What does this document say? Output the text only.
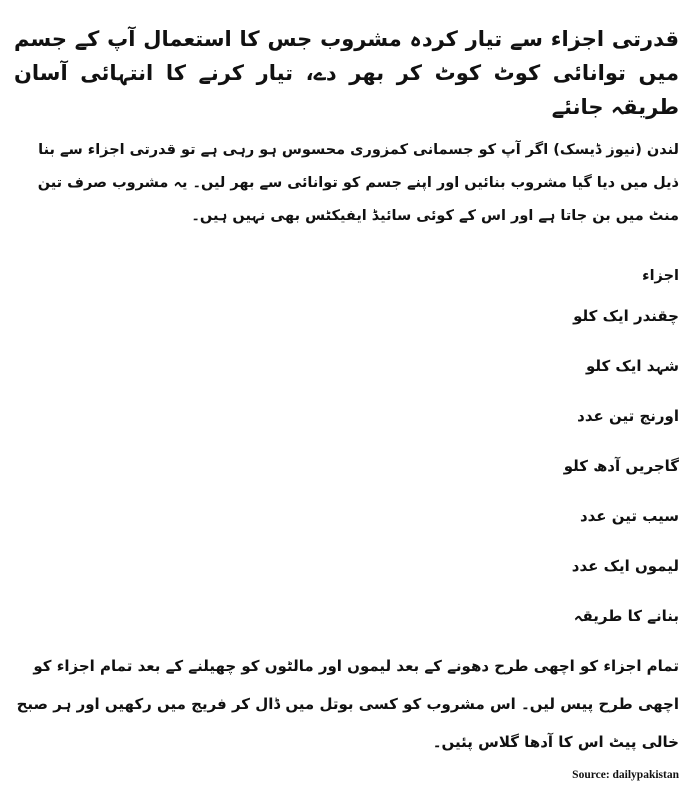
قدرتی اجزاء سے تیار کردہ مشروب جس کا استعمال آپ کے جسم میں توانائی کوٹ کوٹ کر بھر دے، تیار کرنے کا انتہائی آسان طریقہ جانئے

لندن (نیوز ڈیسک) اگر آپ کو جسمانی کمزوری محسوس ہو رہی ہے تو قدرتی اجزاء سے بنا ذیل میں دیا گیا مشروب بنائیں اور اپنے جسم کو توانائی سے بھر لیں۔ یہ مشروب صرف تین منٹ میں بن جاتا ہے اور اس کے کوئی سائیڈ ایفیکٹس بھی نہیں ہیں۔

اجزاء

چقندر ایک کلو
شہد ایک کلو
اورنج تین عدد
گاجریں آدھ کلو
سیب تین عدد
لیموں ایک عدد

بنانے کا طریقہ

تمام اجزاء کو اچھی طرح دھونے کے بعد لیموں اور مالٹوں کو چھیلنے کے بعد تمام اجزاء کو اچھی طرح پیس لیں۔ اس مشروب کو کسی بوتل میں ڈال کر فریج میں رکھیں اور ہر صبح خالی پیٹ اس کا آدھا گلاس پئیں۔

Source: dailypakistan
